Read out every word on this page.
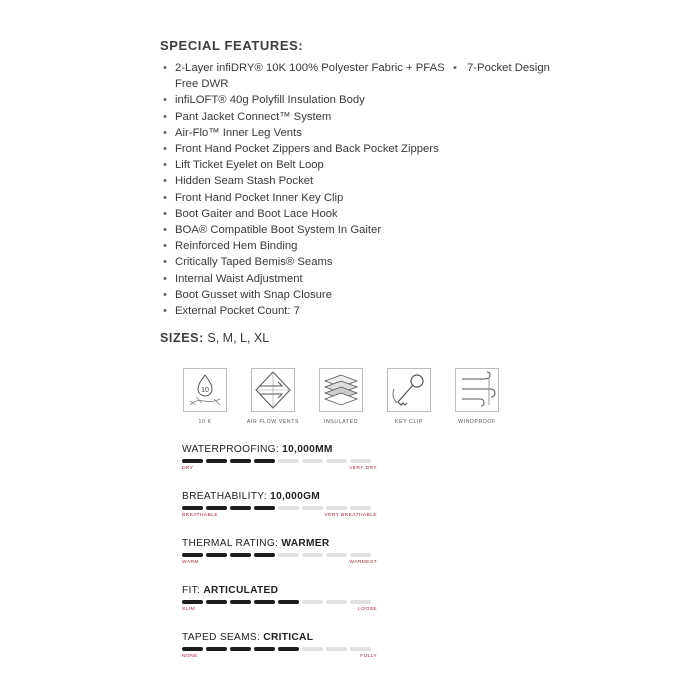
SPECIAL FEATURES:
• 2-Layer infiDRY® 10K 100% Polyester Fabric + PFAS Free DWR
• infiLOFT® 40g Polyfill Insulation Body
• Pant Jacket Connect™ System
• Air-Flo™ Inner Leg Vents
• Front Hand Pocket Zippers and Back Pocket Zippers
• Lift Ticket Eyelet on Belt Loop
• Hidden Seam Stash Pocket
• Front Hand Pocket Inner Key Clip
• Boot Gaiter and Boot Lace Hook
• BOA® Compatible Boot System In Gaiter
• Reinforced Hem Binding
• Critically Taped Bemis® Seams
• Internal Waist Adjustment
• Boot Gusset with Snap Closure
• External Pocket Count: 7
• 7-Pocket Design
SIZES: S, M, L, XL
10
10 K	AIR FLOW VENTS	INSULATED	KEY CLIP	WINDPROOF
WATERPROOFING: 10,000MM
DRY	VERY DRY
BREATHABILITY: 10,000GM
BREATHABLE	VERY BREATHABLE
THERMAL RATING: WARMER
WARM	WARMEST
FIT: ARTICULATED
SLIM	LOOSE
TAPED SEAMS: CRITICAL
NONE	FULLY
